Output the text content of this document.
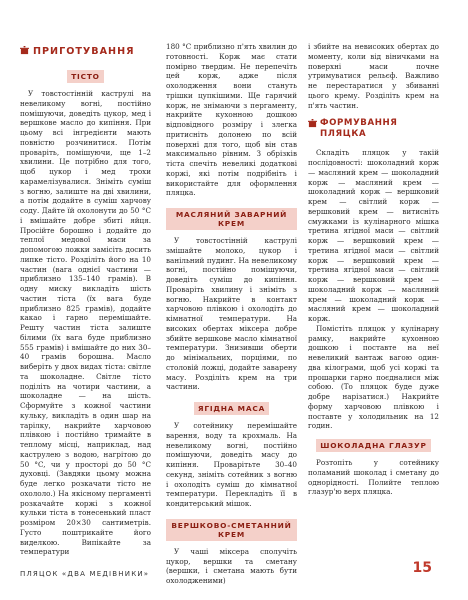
ПРИГОТУВАННЯ
ТІСТО

У товстостінній каструлі на невеликому вогні, постійно помішуючи, доведіть цукор, мед і вершкове масло до кипіння. При цьому всі інгредієнти мають повністю розчинитися. Потім проваріть, помішуючи, ще 1–2 хвилини. Це потрібно для того, щоб цукор і мед трохи карамелізувалися. Зніміть суміш з вогню, залиште на дві хвилини, а потім додайте в суміш харчову соду. Дайте їй охолонути до 50 °C і вмішайте добре збиті яйця. Просійте борошно і додайте до теплої медової маси за допомогою ложки замісіть досить липке тісто. Розділіть його на 10 частин (вага однієї частини — приблизно 135–140 грамів). В одну миску викладіть шість частин тіста (їх вага буде приблизно 825 грамів), додайте какао і гарно перемішайте. Решту частин тіста залиште білими (їх вага буде приблизно 555 грамів) і вмішайте до них 30–40 грамів борошна. Масло виберіть у двох видах тіста: світле та шоколадне. Світле тісто поділіть на чотири частини, а шоколадне — на шість. Сформуйте з кожної частини кульку, викладіть в один шар на тарілку, накрийте харчовою плівкою і постійно тримайте в теплому місці, наприклад, над каструлею з водою, нагрітою до 50 °C, чи у просторі до 50 °C духовці. (Завдяки цьому можна буде легко розкачати тісто не охололо.) На якісному пергаменті розкачайте коржі з кожної кульки тіста в тонесенький пласт розміром 20×30 сантиметрів. Густо поштрикайте його виделкою. Випікайте за температури

180 °C приблизно п'ять хвилин до готовності. Корж має стати помірно твердим. Не перепечіть цей корж, адже після охолодження вони стануть трішки цупкішими. Ще гарячий корж, не знімаючи з пергаменту, накрийте кухонною дошкою відповідного розміру і злегка притисніть долонею по всій поверхні для того, щоб він став максимально рівним. З обрізків тіста спечіть невеликі додаткові коржі, які потім подрібніть і використайте для оформлення пляцка.

МАСЛЯНИЙ ЗАВАРНИЙ КРЕМ

У товстостінній каструлі змішайте молоко, цукор і ванільний пудинг. На невеликому вогні, постійно помішуючи, доведіть суміш до кипіння. Проваріть хвилину і зніміть з вогню. Накрийте в контакт харчовою плівкою і охолодіть до кімнатної температури. На високих обертах міксера добре збийте вершкове масло кімнатної температури. Знизивши оберти до мінімальних, порціями, по столовій ложці, додайте заварену масу. Розділіть крем на три частини.

ЯГІДНА МАСА

У сотейнику перемішайте варення, воду та крохмаль. На невеликому вогні, постійно помішуючи, доведіть масу до кипіння. Проварітьте 30–40 секунд, зніміть сотейник з вогню і охолодіть суміш до кімнатної температури. Перекладіть її в кондитерський мішок.

ВЕРШКОВО-СМЕТАННИЙ КРЕМ

У чаші міксера сполучіть цукор, вершки та сметану (вершки, і сметана мають бути охолодженими)

і збийте на невисоких обертах до моменту, коли від віничками на поверхні маси почне утримуватися рельєф. Важливо не перестаратися у збиванні цього крему. Розділіть крем на п'ять частин.

ФОРМУВАННЯ ПЛЯЦКА

Складіть пляцок у такій послідовності: шоколадний корж — масляний крем — шоколадний корж — масляний крем — шоколадний корж — вершковий крем — світлий корж — вершковий крем — витисніть смужками із кулінарного мішка третина ягідної маси — світлий корж — вершковий крем — третина ягідної маси — світлий корж — вершковий крем — третина ягідної маси — світлий корж — вершковий крем — шоколадний корж — масляний крем — шоколадний корж — масляний крем — шоколадний корж.

Помістіть пляцок у кулінарну рамку, накрийте кухонною дошкою і поставте на неї невеликий вантаж вагою один-два кілограми, щоб усі коржі та прошарки гарно поєдналися між собою. (То пляцок буде дуже добре нарізатися.) Накрийте форму харчовою плівкою і поставте у холодильник на 12 годин.

ШОКОЛАДНА ГЛАЗУР

Розтопіть у сотейнику поламаний шоколад і сметану до однорідності. Полийте теплою глазур'ю верх пляцка.

ПЛЯЦОК «ДВА МЕДІВНИКИ»	15
